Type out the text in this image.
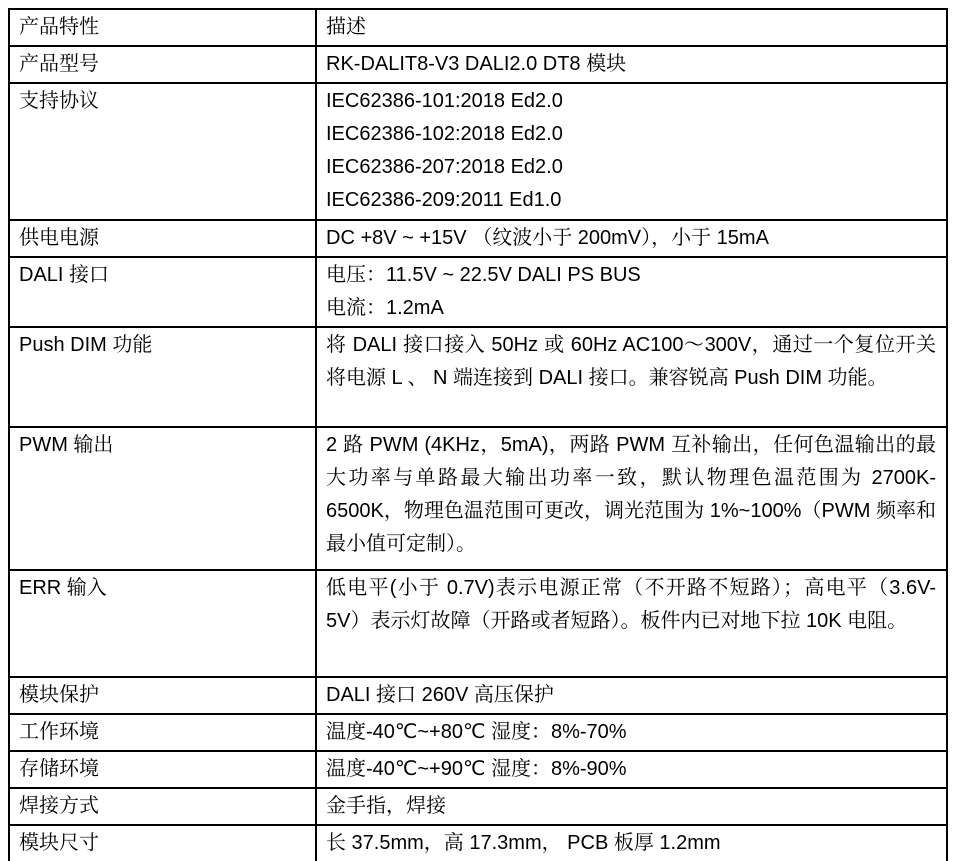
产品特性	描述
产品型号	RK-DALIT8-V3 DALI2.0 DT8 模块

支持协议	IEC62386-101:2018 Ed2.0
IEC62386-102:2018 Ed2.0
IEC62386-207:2018 Ed2.0
IEC62386-209:2011 Ed1.0

供电电源	DC +8V ~ +15V （纹波小于 200mV），小于 15mA

DALI 接口	电压：11.5V ~ 22.5V DALI PS BUS
电流：1.2mA

Push DIM 功能	将 DALI 接口接入 50Hz 或 60Hz AC100～300V，通过一个复位开关将电源 L 、 N 端连接到 DALI 接口。兼容锐高 Push DIM 功能。

PWM 输出	2 路 PWM (4KHz，5mA)，两路 PWM 互补输出，任何色温输出的最大功率与单路最大输出功率一致，默认物理色温范围为 2700K-6500K，物理色温范围可更改，调光范围为 1%~100%（PWM 频率和最小值可定制）。

ERR 输入	低电平(小于 0.7V)表示电源正常（不开路不短路）；高电平（3.6V-5V）表示灯故障（开路或者短路）。板件内已对地下拉 10K 电阻。

模块保护	DALI 接口 260V 高压保护

工作环境	温度-40℃~+80℃ 湿度：8%-70%

存储环境	温度-40℃~+90℃ 湿度：8%-90%

焊接方式	金手指，焊接

模块尺寸	长 37.5mm，高 17.3mm， PCB 板厚 1.2mm
